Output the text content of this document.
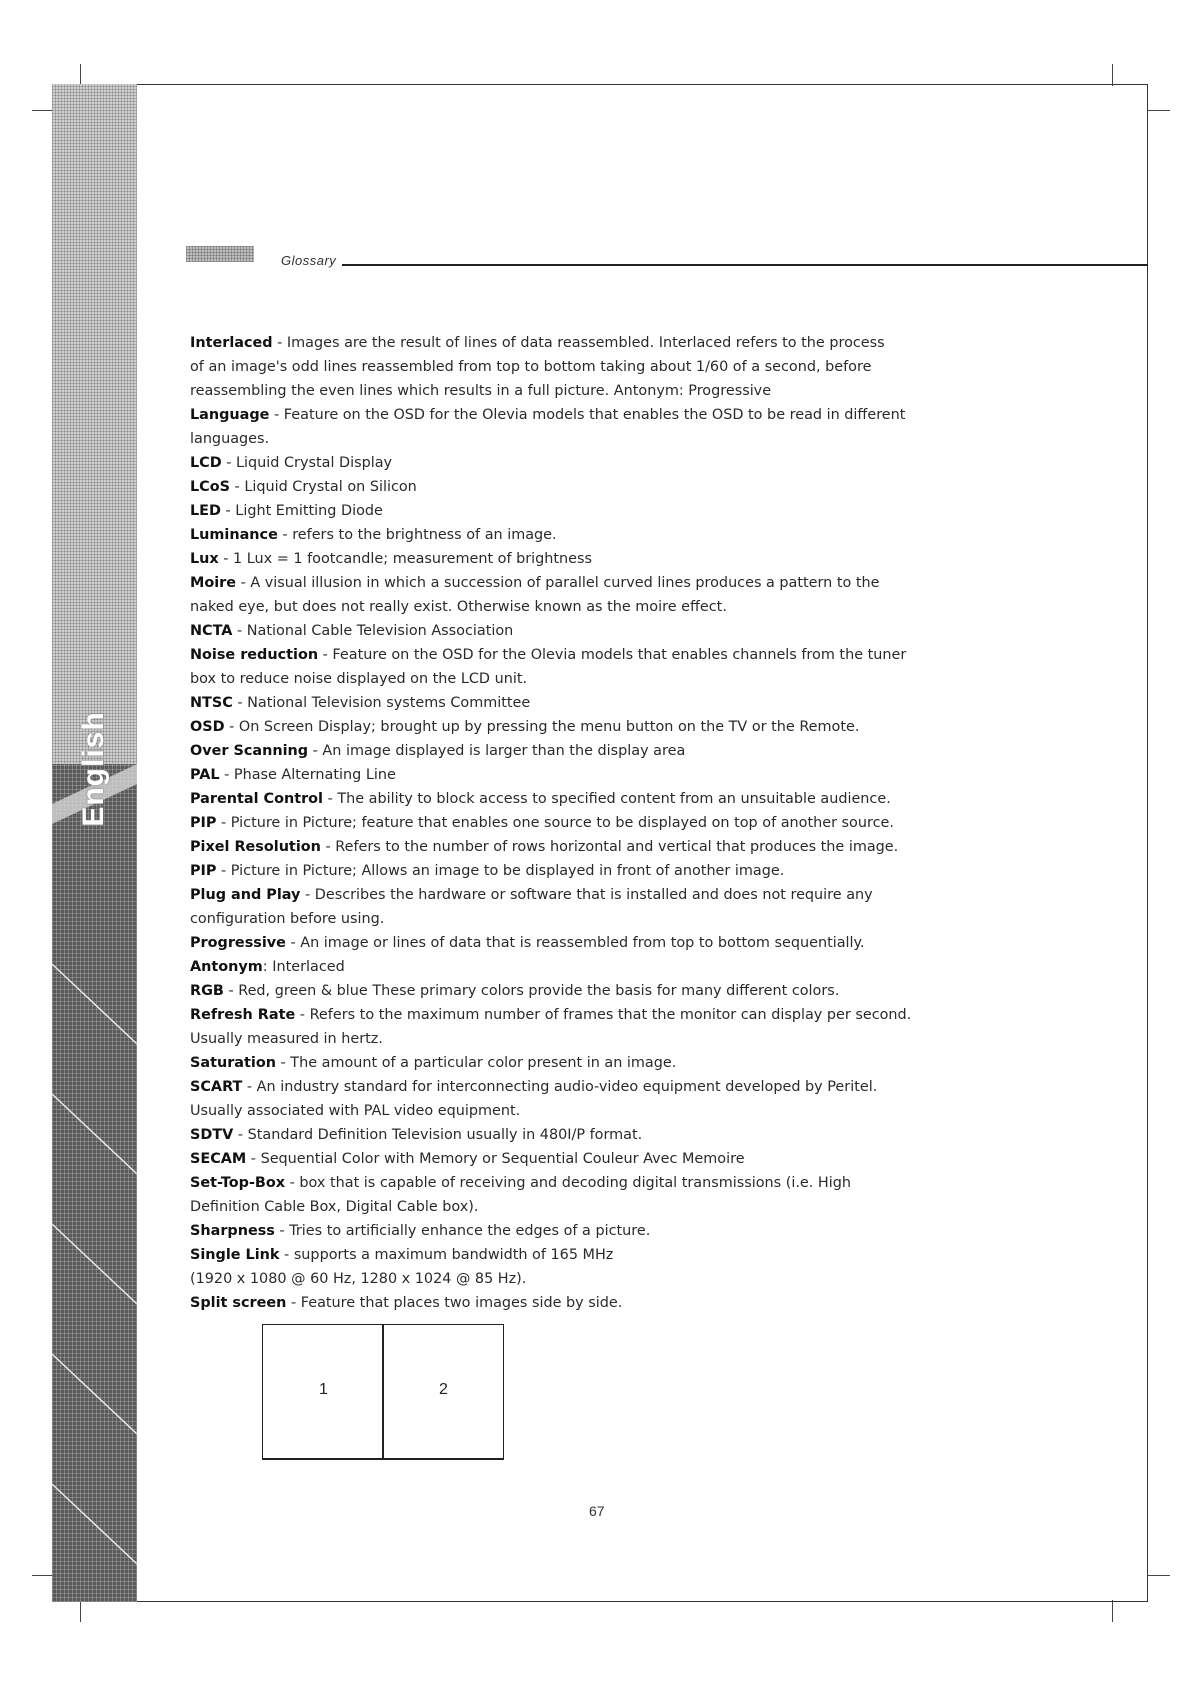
English
Glossary
Interlaced - Images are the result of lines of data reassembled. Interlaced refers to the process
of an image's odd lines reassembled from top to bottom taking about 1/60 of a second, before
reassembling the even lines which results in a full picture. Antonym: Progressive
Language - Feature on the OSD for the Olevia models that enables the OSD to be read in different
languages.
LCD - Liquid Crystal Display
LCoS - Liquid Crystal on Silicon
LED - Light Emitting Diode
Luminance - refers to the brightness of an image.
Lux - 1 Lux = 1 footcandle; measurement of brightness
Moire - A visual illusion in which a succession of parallel curved lines produces a pattern to the
naked eye, but does not really exist. Otherwise known as the moire effect.
NCTA - National Cable Television Association
Noise reduction - Feature on the OSD for the Olevia models that enables channels from the tuner
box to reduce noise displayed on the LCD unit.
NTSC - National Television systems Committee
OSD - On Screen Display; brought up by pressing the menu button on the TV or the Remote.
Over Scanning - An image displayed is larger than the display area
PAL - Phase Alternating Line
Parental Control - The ability to block access to specified content from an unsuitable audience.
PIP - Picture in Picture; feature that enables one source to be displayed on top of another source.
Pixel Resolution - Refers to the number of rows horizontal and vertical that produces the image.
PIP - Picture in Picture; Allows an image to be displayed in front of another image.
Plug and Play - Describes the hardware or software that is installed and does not require any
configuration before using.
Progressive - An image or lines of data that is reassembled from top to bottom sequentially.
Antonym: Interlaced
RGB - Red, green & blue These primary colors provide the basis for many different colors.
Refresh Rate - Refers to the maximum number of frames that the monitor can display per second.
Usually measured in hertz.
Saturation - The amount of a particular color present in an image.
SCART - An industry standard for interconnecting audio-video equipment developed by Peritel.
Usually associated with PAL video equipment.
SDTV - Standard Definition Television usually in 480I/P format.
SECAM - Sequential Color with Memory or Sequential Couleur Avec Memoire
Set-Top-Box - box that is capable of receiving and decoding digital transmissions (i.e. High
Definition Cable Box, Digital Cable box).
Sharpness - Tries to artificially enhance the edges of a picture.
Single Link - supports a maximum bandwidth of 165 MHz
(1920 x 1080 @ 60 Hz, 1280 x 1024 @ 85 Hz).
Split screen - Feature that places two images side by side.
1	2
67
